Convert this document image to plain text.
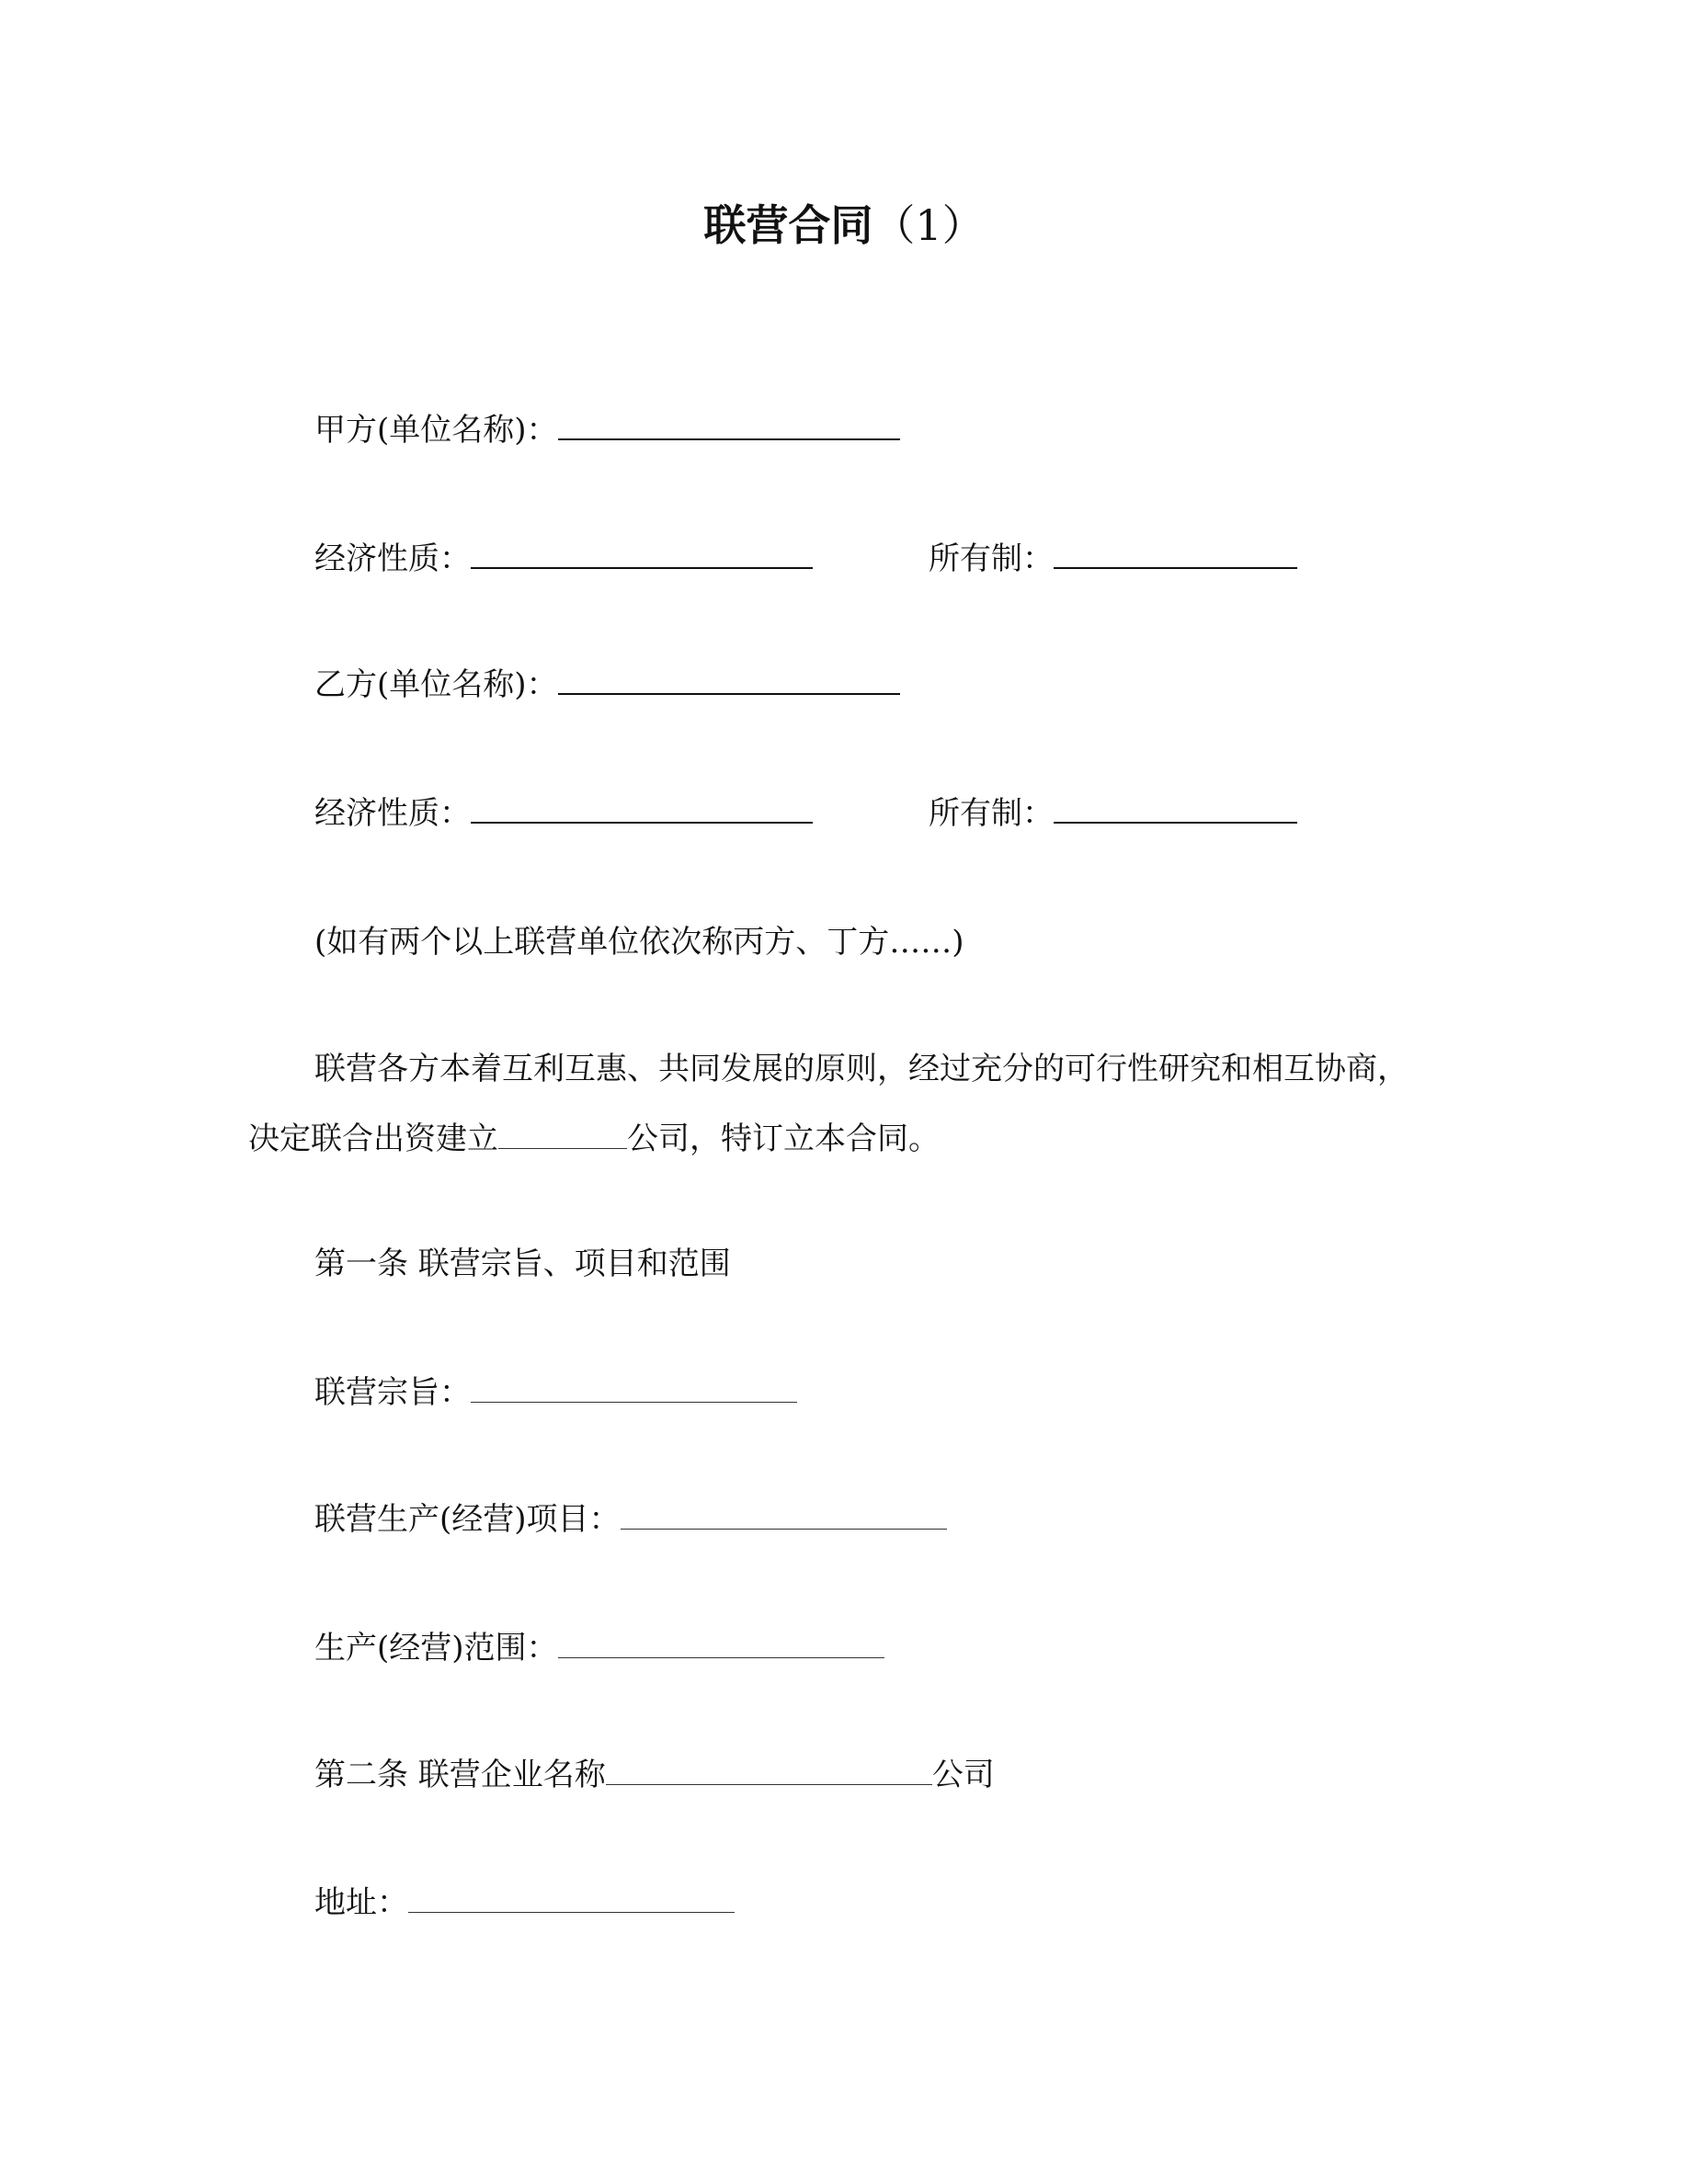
联营合同（1）
甲方(单位名称)：
经济性质：	所有制：
乙方(单位名称)：
经济性质：	所有制：
(如有两个以上联营单位依次称丙方、丁方……)
联营各方本着互利互惠、共同发展的原则，经过充分的可行性研究和相互协商，
决定联合出资建立	公司，特订立本合同。
第一条 联营宗旨、项目和范围
联营宗旨：
联营生产(经营)项目：
生产(经营)范围：
第二条 联营企业名称	公司
地址：
